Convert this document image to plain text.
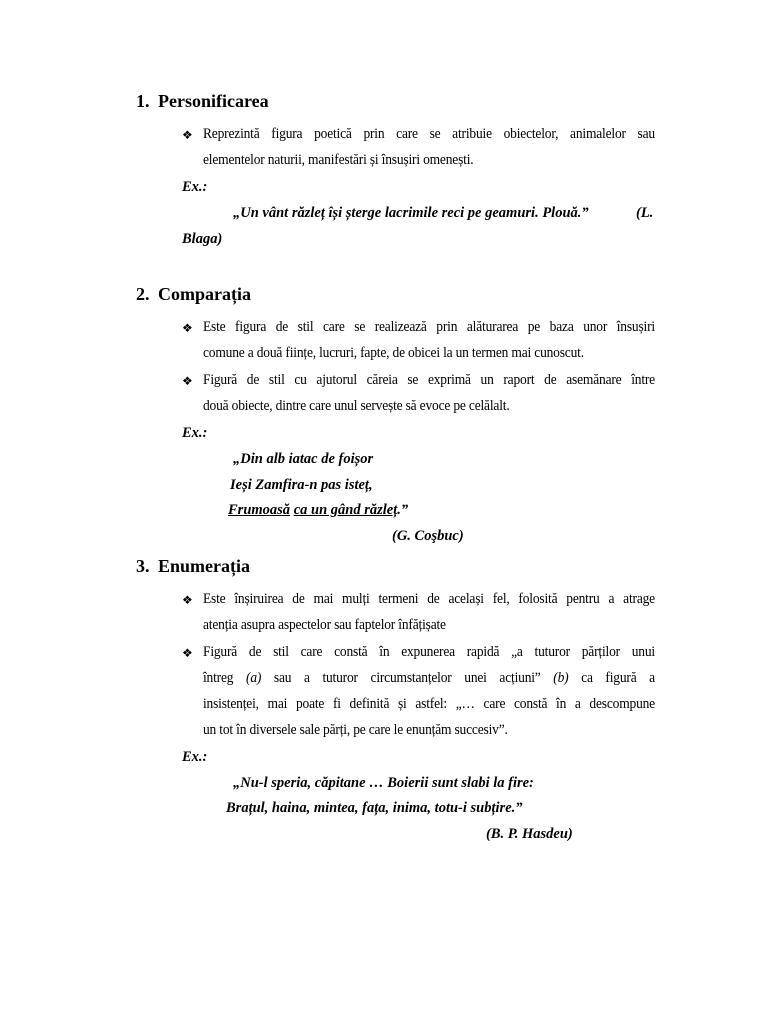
1. Personificarea
❖ Reprezintă figura poetică prin care se atribuie obiectelor, animalelor sau
elementelor naturii, manifestări și însușiri omenești.
Ex.:
„Un vânt răzleț își șterge lacrimile reci pe geamuri. Plouă.”	(L.
Blaga)
2. Comparația
❖ Este figura de stil care se realizează prin alăturarea pe baza unor însușiri
comune a două ființe, lucruri, fapte, de obicei la un termen mai cunoscut.
❖ Figură de stil cu ajutorul căreia se exprimă un raport de asemănare între
două obiecte, dintre care unul servește să evoce pe celălalt.
Ex.:
„Din alb iatac de foișor
Ieși Zamfira-n pas isteț,
Frumoasă ca un gând răzleț.”
(G. Coşbuc)
3. Enumerația
❖ Este înșiruirea de mai mulți termeni de același fel, folosită pentru a atrage
atenția asupra aspectelor sau faptelor înfățișate
❖ Figură de stil care constă în expunerea rapidă „a tuturor părților unui
întreg (a) sau a tuturor circumstanțelor unei acțiuni” (b) ca figură a
insistenței, mai poate fi definită și astfel: „… care constă în a descompune
un tot în diversele sale părți, pe care le enunțăm succesiv”.
Ex.:
„Nu-l speria, căpitane … Boierii sunt slabi la fire:
Brațul, haina, mintea, fața, inima, totu-i subțire.”
(B. P. Hasdeu)
